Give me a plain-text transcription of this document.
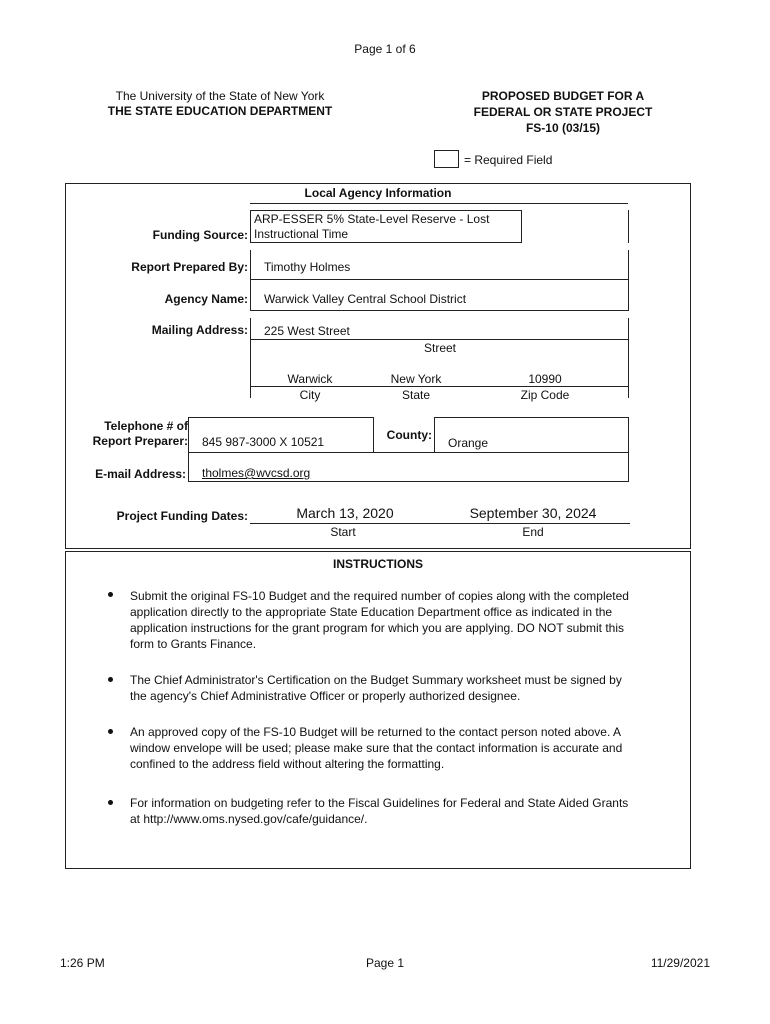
Page 1 of 6
The University of the State of New York
THE STATE EDUCATION DEPARTMENT
PROPOSED BUDGET FOR A
FEDERAL OR STATE PROJECT
FS-10 (03/15)
= Required Field
Local Agency Information
Funding Source:
ARP-ESSER 5% State-Level Reserve - Lost
Instructional Time
Report Prepared By: Timothy Holmes
Agency Name: Warwick Valley Central School District
Mailing Address: 225 West Street
Street
Warwick	New York	10990
City	State	Zip Code
Telephone # of
Report Preparer: 845 987-3000 X 10521	County:
Orange
E-mail Address: tholmes@wvcsd.org
Project Funding Dates:	March 13, 2020	September 30, 2024
Start	End
INSTRUCTIONS
Submit the original FS-10 Budget and the required number of copies along with the completed application directly to the appropriate State Education Department office as indicated in the application instructions for the grant program for which you are applying. DO NOT submit this form to Grants Finance.
The Chief Administrator's Certification on the Budget Summary worksheet must be signed by the agency's Chief Administrative Officer or properly authorized designee.
An approved copy of the FS-10 Budget will be returned to the contact person noted above. A window envelope will be used; please make sure that the contact information is accurate and confined to the address field without altering the formatting.
For information on budgeting refer to the Fiscal Guidelines for Federal and State Aided Grants at http://www.oms.nysed.gov/cafe/guidance/.
1:26 PM	Page 1	11/29/2021
